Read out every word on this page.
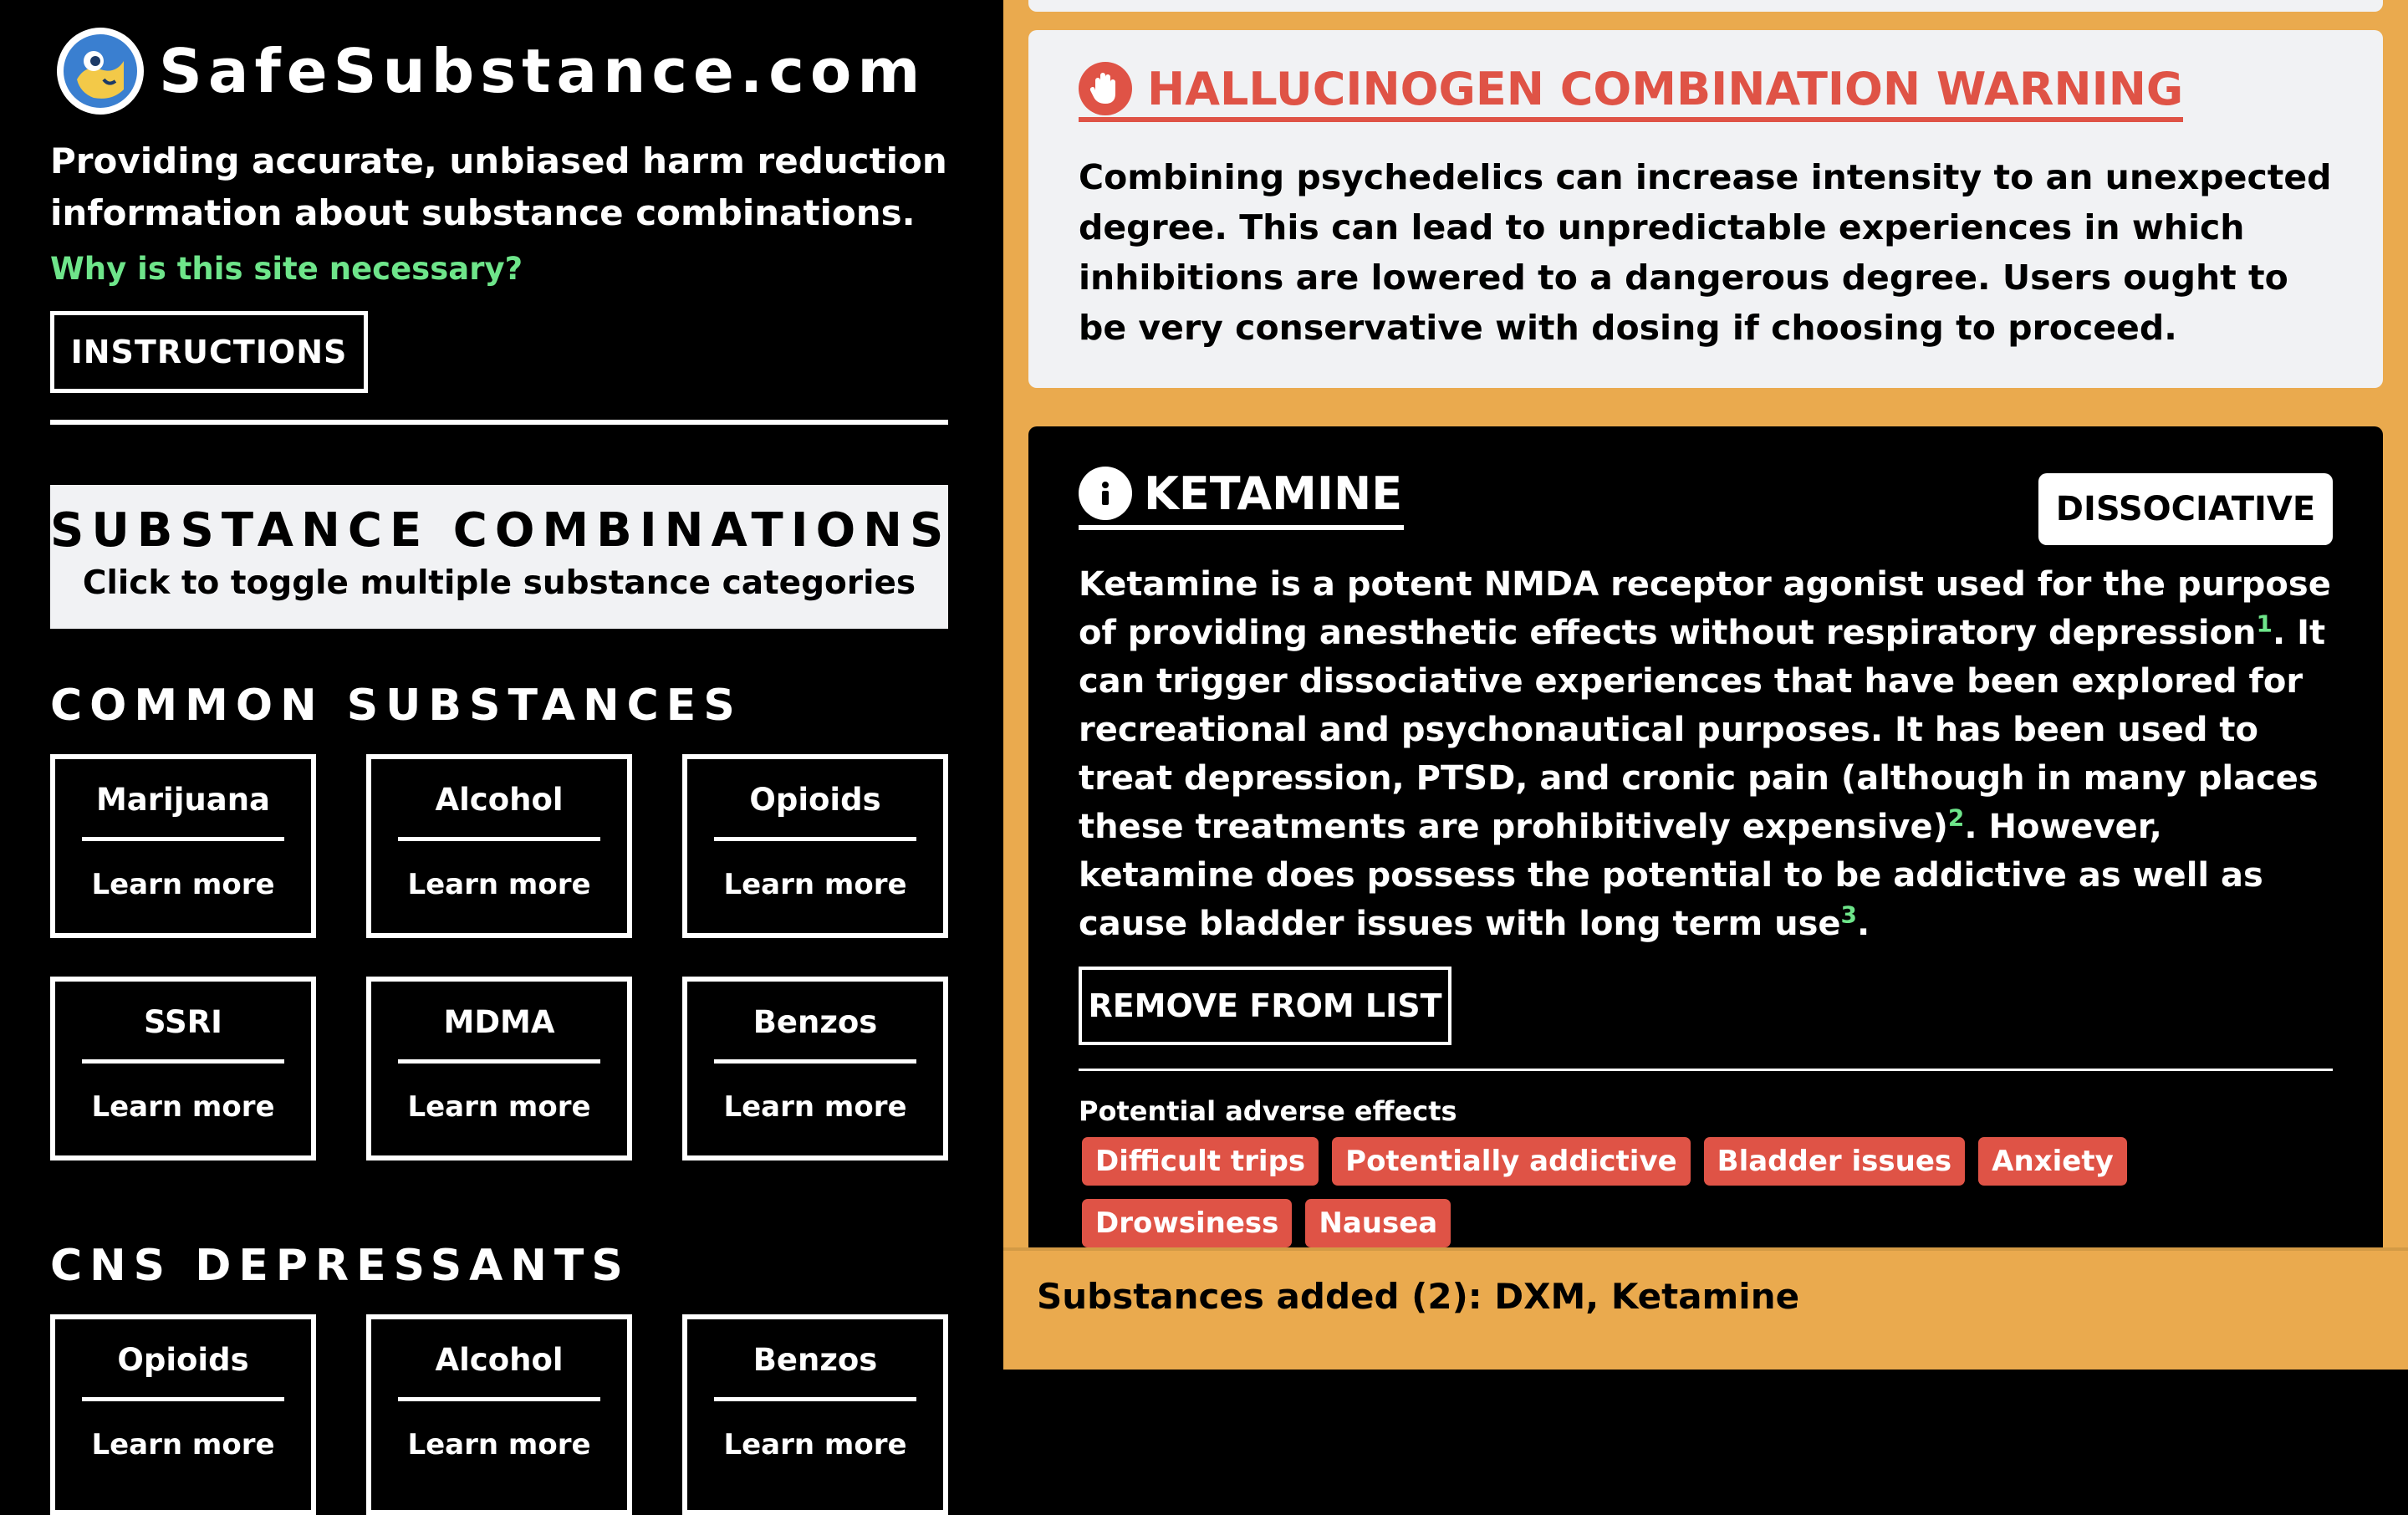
SafeSubstance.com
Providing accurate, unbiased harm reduction information about substance combinations.
Why is this site necessary?
INSTRUCTIONS
SUBSTANCE COMBINATIONS
Click to toggle multiple substance categories
COMMON SUBSTANCES
Marijuana
Learn more
Alcohol
Learn more
Opioids
Learn more
SSRI
Learn more
MDMA
Learn more
Benzos
Learn more
CNS DEPRESSANTS
Opioids
Learn more
Alcohol
Learn more
Benzos
Learn more
HALLUCINOGEN COMBINATION WARNING
Combining psychedelics can increase intensity to an unexpected degree. This can lead to unpredictable experiences in which inhibitions are lowered to a dangerous degree. Users ought to be very conservative with dosing if choosing to proceed.
KETAMINE	DISSOCIATIVE
Ketamine is a potent NMDA receptor agonist used for the purpose of providing anesthetic effects without respiratory depression$^1$. It can trigger dissociative experiences that have been explored for recreational and psychonautical purposes. It has been used to treat depression, PTSD, and cronic pain (although in many places these treatments are prohibitively expensive)$^2$. However, ketamine does possess the potential to be addictive as well as cause bladder issues with long term use$^3$.
REMOVE FROM LIST
Potential adverse effects
Difficult trips	Potentially addictive	Bladder issues	Anxiety
Drowsiness	Nausea
Substances added (2): DXM, Ketamine
